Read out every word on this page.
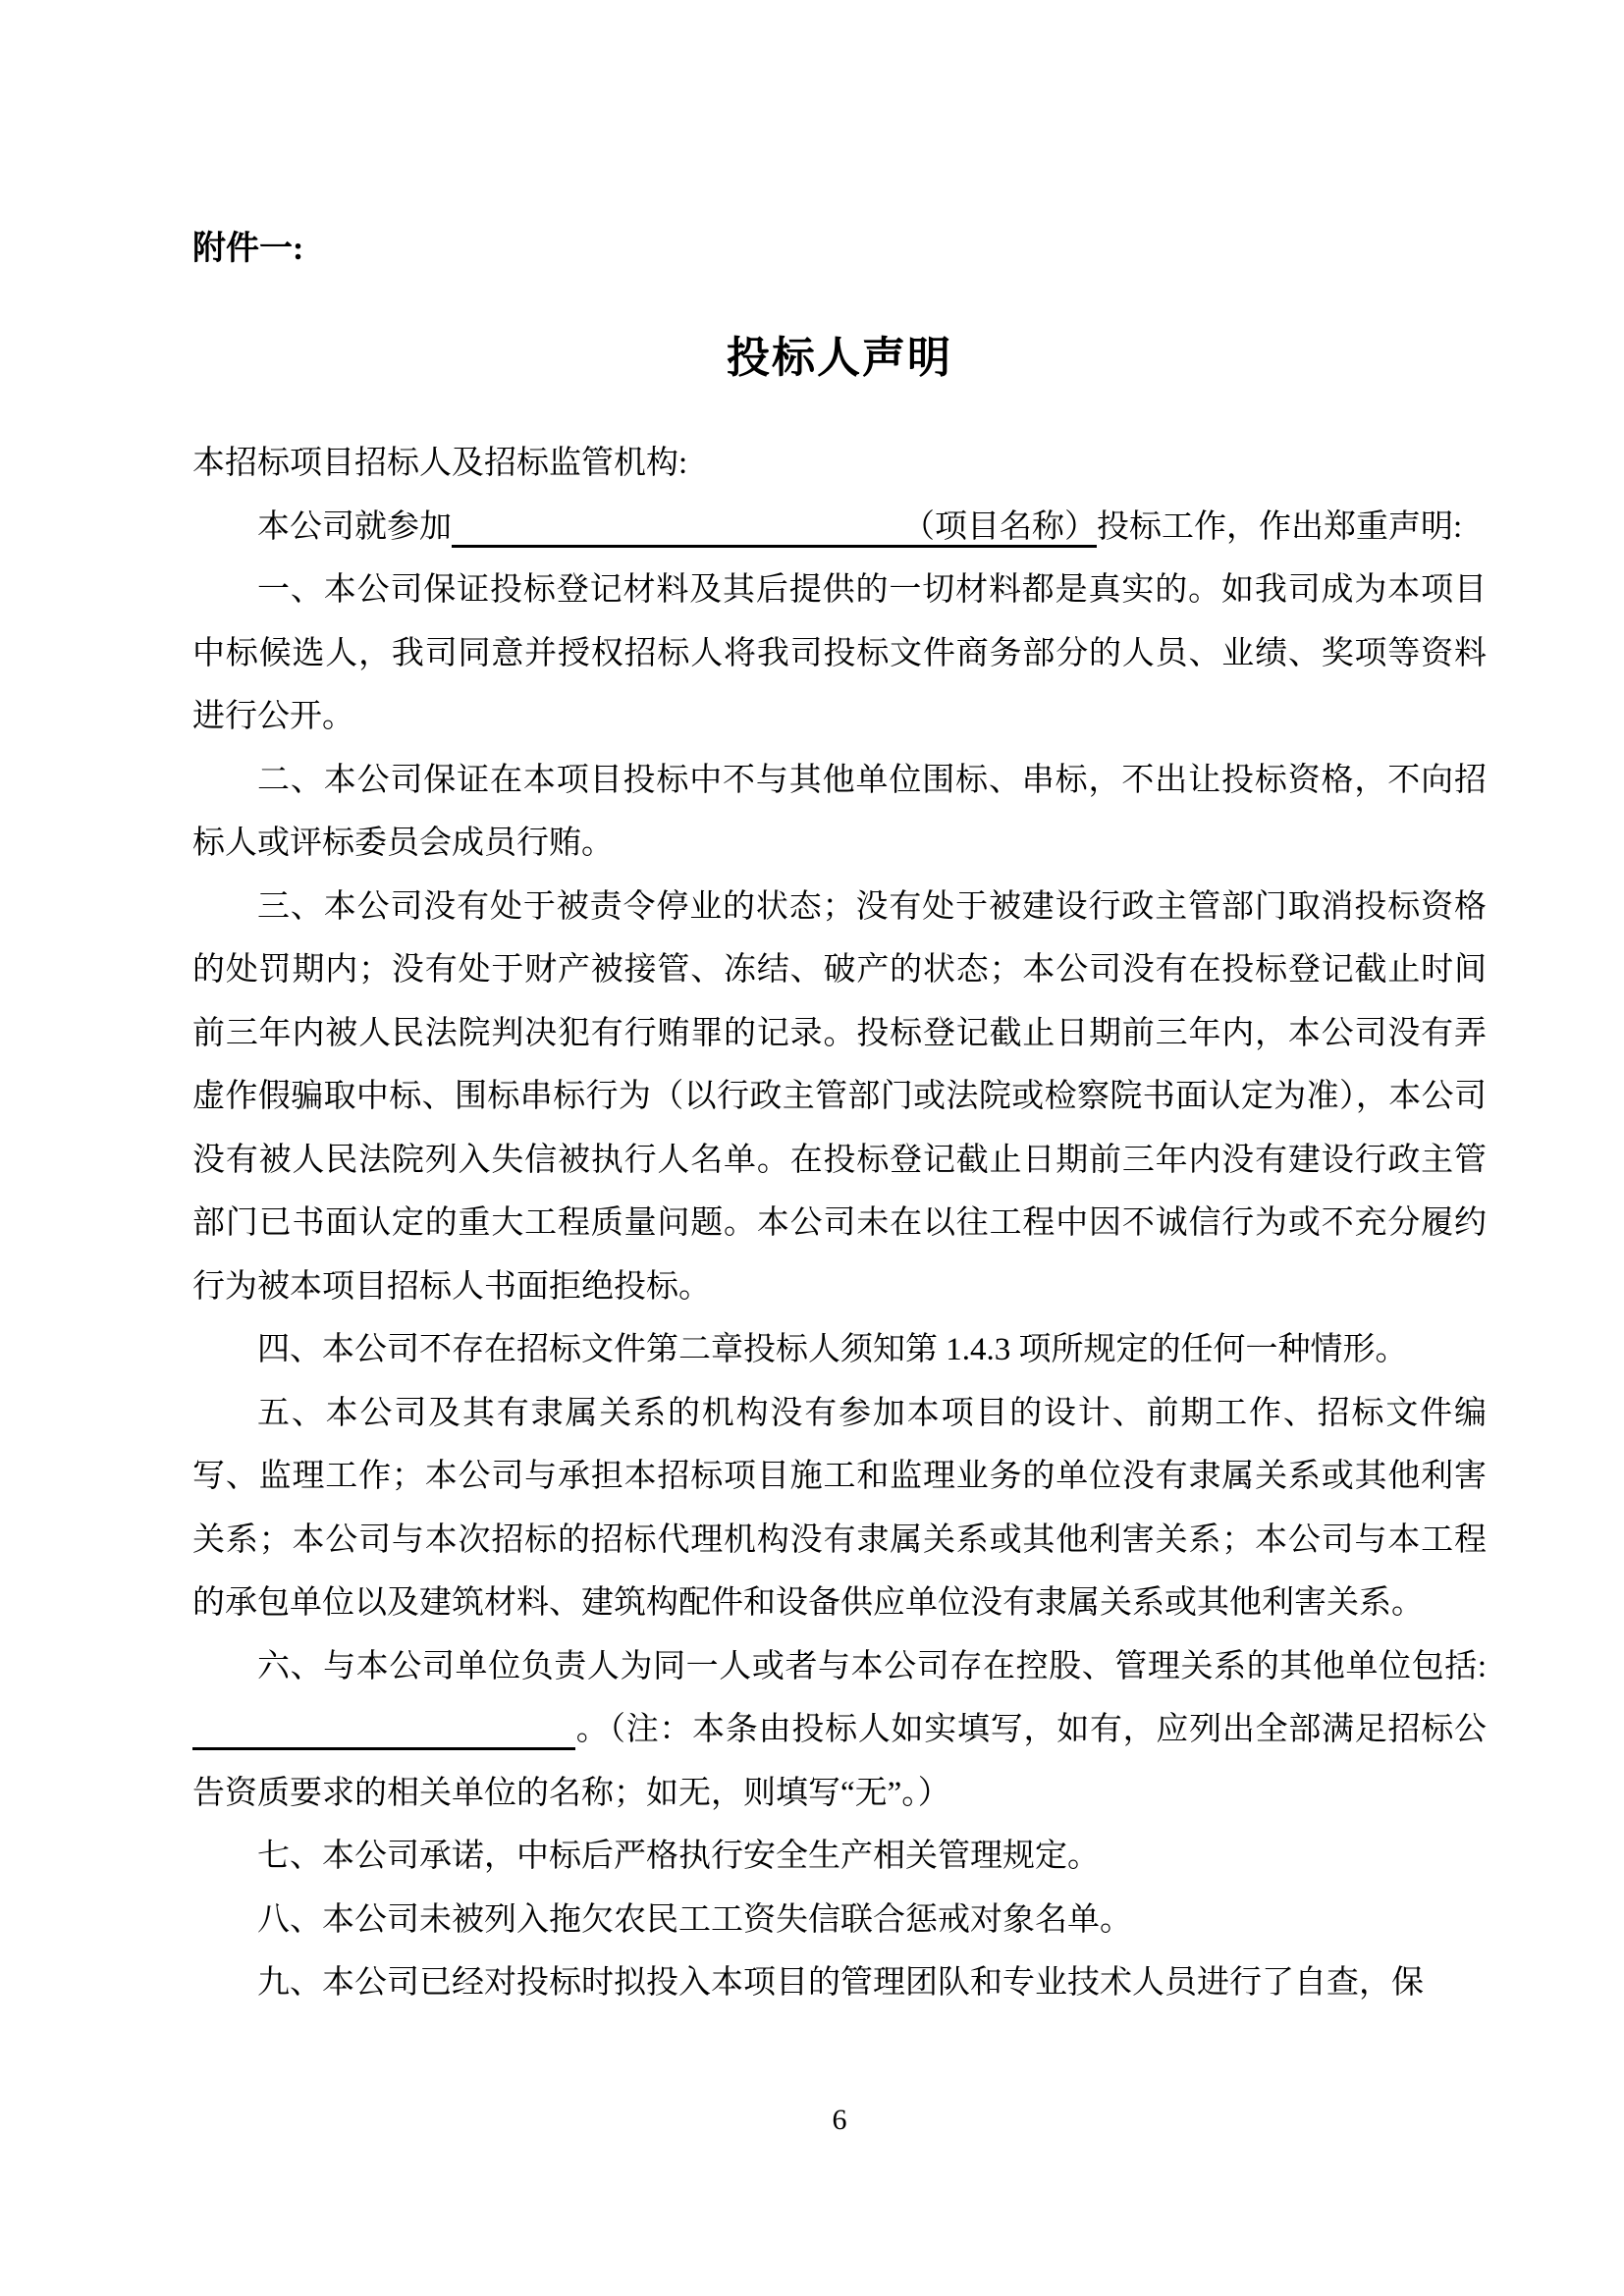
附件一:

投标人声明

本招标项目招标人及招标监管机构:

本公司就参加	（项目名称）投标工作，作出郑重声明:

一、本公司保证投标登记材料及其后提供的一切材料都是真实的。如我司成为本项目中标候选人，我司同意并授权招标人将我司投标文件商务部分的人员、业绩、奖项等资料进行公开。

二、本公司保证在本项目投标中不与其他单位围标、串标，不出让投标资格，不向招标人或评标委员会成员行贿。

三、本公司没有处于被责令停业的状态；没有处于被建设行政主管部门取消投标资格的处罚期内；没有处于财产被接管、冻结、破产的状态；本公司没有在投标登记截止时间前三年内被人民法院判决犯有行贿罪的记录。投标登记截止日期前三年内，本公司没有弄虚作假骗取中标、围标串标行为（以行政主管部门或法院或检察院书面认定为准），本公司没有被人民法院列入失信被执行人名单。在投标登记截止日期前三年内没有建设行政主管部门已书面认定的重大工程质量问题。本公司未在以往工程中因不诚信行为或不充分履约行为被本项目招标人书面拒绝投标。

四、本公司不存在招标文件第二章投标人须知第 1.4.3 项所规定的任何一种情形。

五、本公司及其有隶属关系的机构没有参加本项目的设计、前期工作、招标文件编写、监理工作；本公司与承担本招标项目施工和监理业务的单位没有隶属关系或其他利害关系；本公司与本次招标的招标代理机构没有隶属关系或其他利害关系；本公司与本工程的承包单位以及建筑材料、建筑构配件和设备供应单位没有隶属关系或其他利害关系。

六、与本公司单位负责人为同一人或者与本公司存在控股、管理关系的其他单位包括:。（注：本条由投标人如实填写，如有，应列出全部满足招标公告资质要求的相关单位的名称；如无，则填写“无”。）

七、本公司承诺，中标后严格执行安全生产相关管理规定。

八、本公司未被列入拖欠农民工工资失信联合惩戒对象名单。

九、本公司已经对投标时拟投入本项目的管理团队和专业技术人员进行了自查，保

6
